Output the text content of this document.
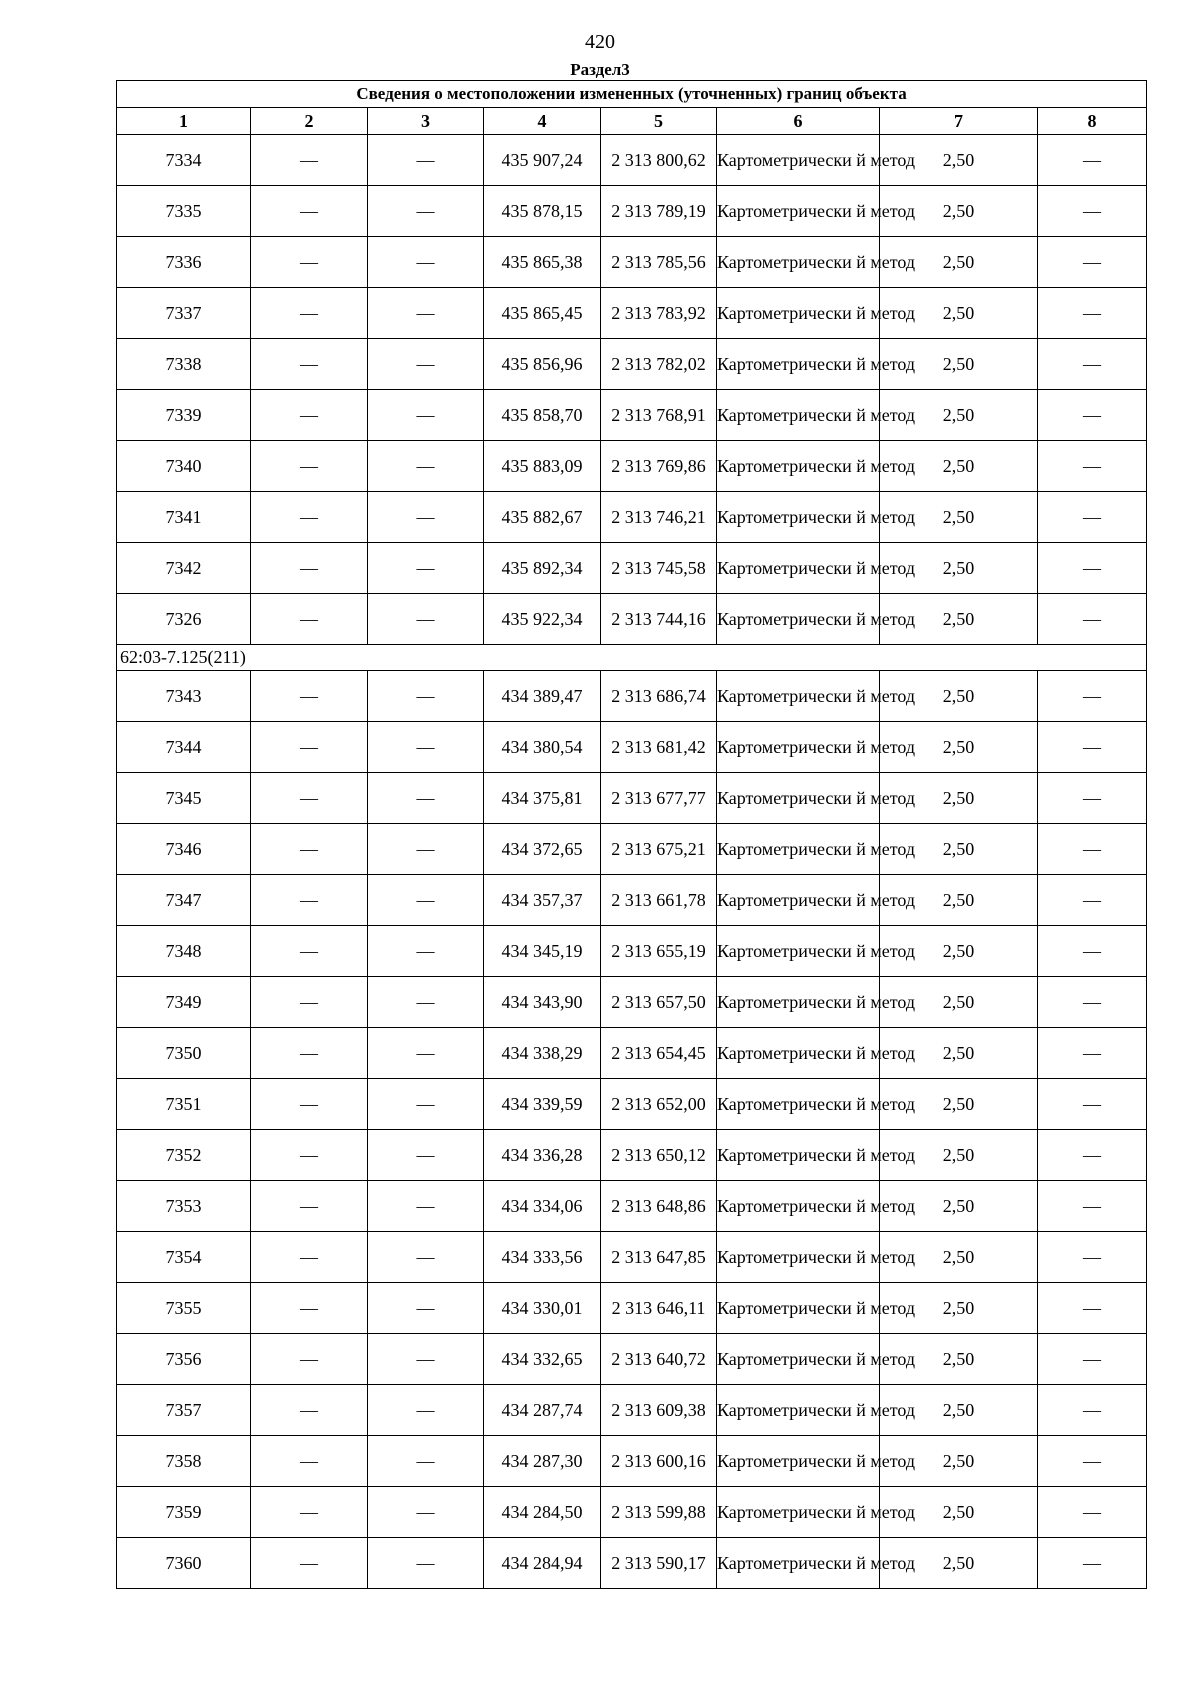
420
Раздел3
Сведения о местоположении измененных (уточненных) границ объекта							
1	2	3	4	5	6	7	8
7334	—	—	435 907,24	2 313 800,62	Картометрически й метод	2,50	—
7335	—	—	435 878,15	2 313 789,19	Картометрически й метод	2,50	—
7336	—	—	435 865,38	2 313 785,56	Картометрически й метод	2,50	—
7337	—	—	435 865,45	2 313 783,92	Картометрически й метод	2,50	—
7338	—	—	435 856,96	2 313 782,02	Картометрически й метод	2,50	—
7339	—	—	435 858,70	2 313 768,91	Картометрически й метод	2,50	—
7340	—	—	435 883,09	2 313 769,86	Картометрически й метод	2,50	—
7341	—	—	435 882,67	2 313 746,21	Картометрически й метод	2,50	—
7342	—	—	435 892,34	2 313 745,58	Картометрически й метод	2,50	—
7326	—	—	435 922,34	2 313 744,16	Картометрически й метод	2,50	—
62:03-7.125(211)							
7343	—	—	434 389,47	2 313 686,74	Картометрически й метод	2,50	—
7344	—	—	434 380,54	2 313 681,42	Картометрически й метод	2,50	—
7345	—	—	434 375,81	2 313 677,77	Картометрически й метод	2,50	—
7346	—	—	434 372,65	2 313 675,21	Картометрически й метод	2,50	—
7347	—	—	434 357,37	2 313 661,78	Картометрически й метод	2,50	—
7348	—	—	434 345,19	2 313 655,19	Картометрически й метод	2,50	—
7349	—	—	434 343,90	2 313 657,50	Картометрически й метод	2,50	—
7350	—	—	434 338,29	2 313 654,45	Картометрически й метод	2,50	—
7351	—	—	434 339,59	2 313 652,00	Картометрически й метод	2,50	—
7352	—	—	434 336,28	2 313 650,12	Картометрически й метод	2,50	—
7353	—	—	434 334,06	2 313 648,86	Картометрически й метод	2,50	—
7354	—	—	434 333,56	2 313 647,85	Картометрически й метод	2,50	—
7355	—	—	434 330,01	2 313 646,11	Картометрически й метод	2,50	—
7356	—	—	434 332,65	2 313 640,72	Картометрически й метод	2,50	—
7357	—	—	434 287,74	2 313 609,38	Картометрически й метод	2,50	—
7358	—	—	434 287,30	2 313 600,16	Картометрически й метод	2,50	—
7359	—	—	434 284,50	2 313 599,88	Картометрически й метод	2,50	—
7360	—	—	434 284,94	2 313 590,17	Картометрически й метод	2,50	—
